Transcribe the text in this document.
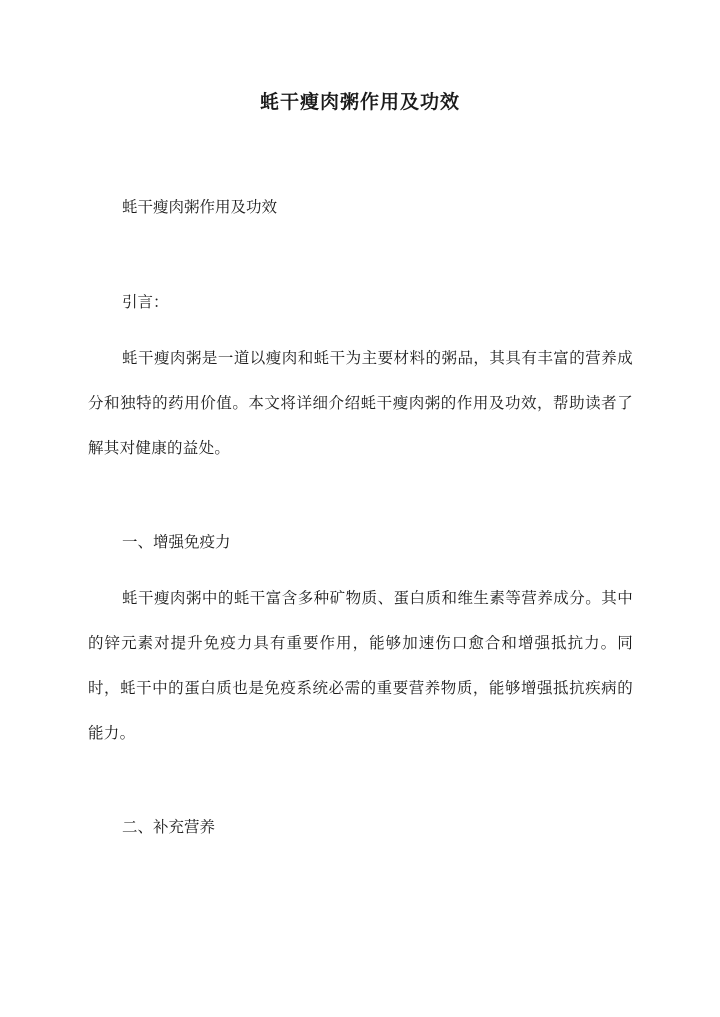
蚝干瘦肉粥作用及功效
蚝干瘦肉粥作用及功效
引言：
蚝干瘦肉粥是一道以瘦肉和蚝干为主要材料的粥品，其具有丰富的营养成分和独特的药用价值。本文将详细介绍蚝干瘦肉粥的作用及功效，帮助读者了解其对健康的益处。
一、增强免疫力
蚝干瘦肉粥中的蚝干富含多种矿物质、蛋白质和维生素等营养成分。其中的锌元素对提升免疫力具有重要作用，能够加速伤口愈合和增强抵抗力。同时，蚝干中的蛋白质也是免疫系统必需的重要营养物质，能够增强抵抗疾病的能力。
二、补充营养
